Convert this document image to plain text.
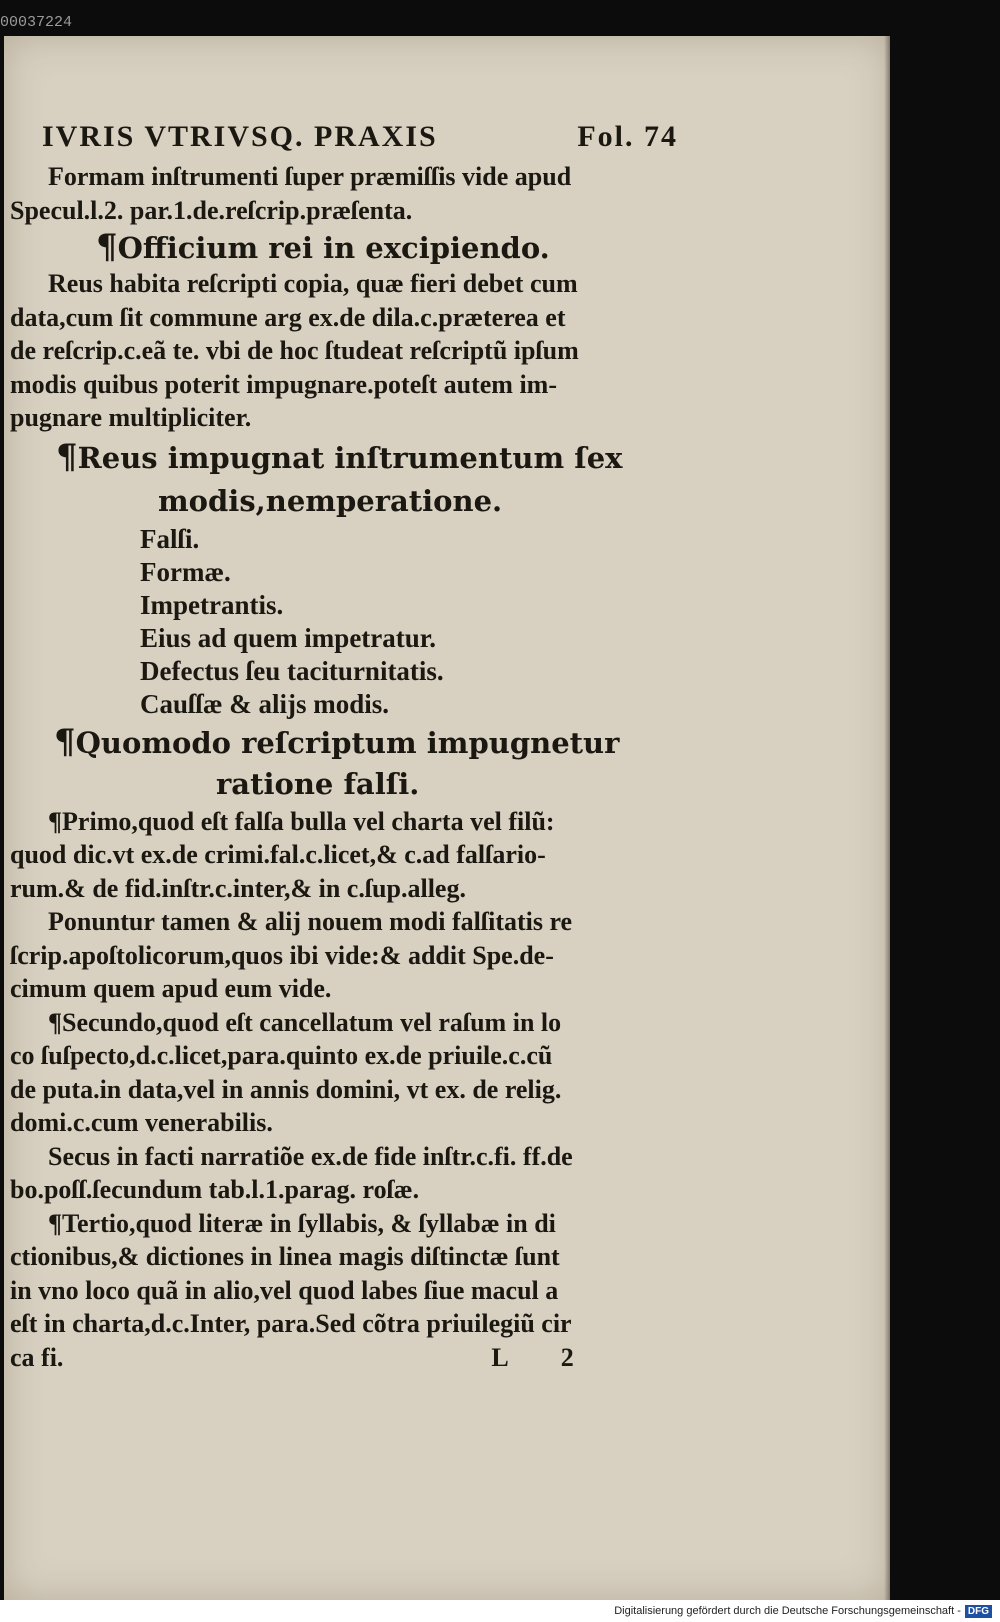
00037224
IVRIS VTRIVSQ. PRAXIS	Fol. 74
Formam inſtrumenti ſuper præmiſſis vide apud
Specul.l.2. par.1.de.reſcrip.præſenta.
¶Officium rei in excipiendo.
Reus habita reſcripti copia, quæ fieri debet cum
data,cum ſit commune arg ex.de dila.c.præterea et
de reſcrip.c.eã te. vbi de hoc ſtudeat reſcriptũ ipſum
modis quibus poterit impugnare.poteſt autem im-
pugnare multipliciter.
¶Reus impugnat inſtrumentum ſex
modis,nemperatione.
Falſi.
Formæ.
Impetrantis.
Eius ad quem impetratur.
Defectus ſeu taciturnitatis.
Cauſſæ & aliјs modis.
¶Quomodo reſcriptum impugnetur
ratione falſi.
¶Primo,quod eſt falſa bulla vel charta vel filũ:
quod dic.vt ex.de crimi.fal.c.licet,& c.ad falſario-
rum.& de fid.inſtr.c.inter,& in c.ſup.alleg.
Ponuntur tamen & aliј nouem modi falſitatis re
ſcrip.apoſtolicorum,quos ibi vide:& addit Spe.de-
cimum quem apud eum vide.
¶Secundo,quod eſt cancellatum vel raſum in lo
co ſuſpecto,d.c.licet,para.quinto ex.de priuile.c.cũ
de puta.in data,vel in annis domini, vt ex. de relig.
domi.c.cum venerabilis.
Secus in facti narratiõe ex.de fide inſtr.c.fi. ff.de
bo.poſſ.ſecundum tab.l.1.parag. roſæ.
¶Tertio,quod literæ in ſyllabis, & ſyllabæ in di
ctionibus,& dictiones in linea magis diſtinctæ ſunt
in vno loco quã in alio,vel quod labes ſiue macul a
eſt in charta,d.c.Inter, para.Sed cõtra priuilegiũ cir
ca fi.	L 2
Digitalisierung gefördert durch die Deutsche Forschungsgemeinschaft - DFG
